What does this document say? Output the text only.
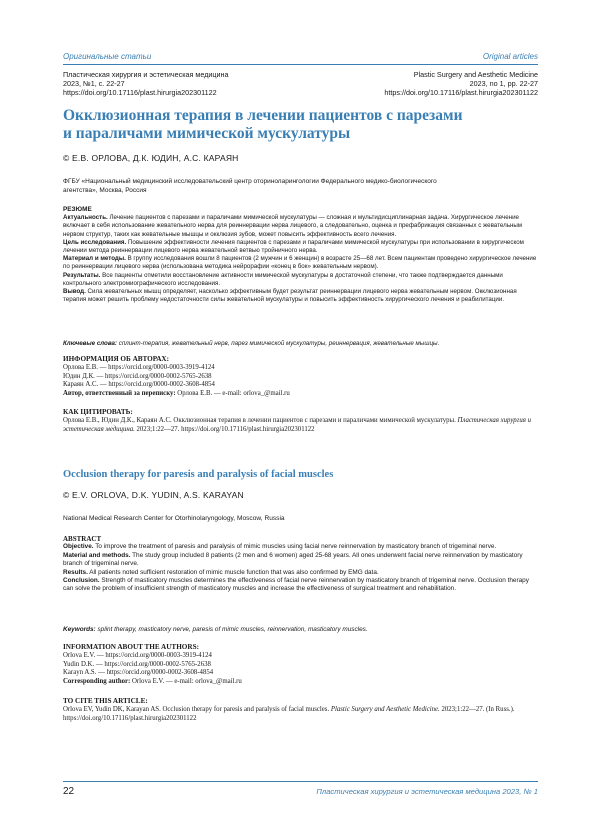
Оригинальные статьи	Original articles
Пластическая хирургия и эстетическая медицина
2023, №1, с. 22-27
https://doi.org/10.17116/plast.hirurgia202301122
Plastic Surgery and Aesthetic Medicine
2023, no 1, pp. 22-27
https://doi.org/10.17116/plast.hirurgia202301122
Окклюзионная терапия в лечении пациентов с парезами
и параличами мимической мускулатуры
© Е.В. ОРЛОВА, Д.К. ЮДИН, А.С. КАРАЯН
ФГБУ «Национальный медицинский исследовательский центр оториноларингологии Федерального медико-биологического
агентства», Москва, Россия
РЕЗЮМЕ

Актуальность. Лечение пациентов с парезами и параличами мимической мускулатуры — сложная и мультидисциплинарная задача. Хирургическое лечение включает в себя использование жевательного нерва для реиннервации нерва лицевого, а следовательно, оценка и префабрикация связанных с жевательным нервом структур, таких как жевательные мышцы и окклюзия зубов, может повысить эффективность всего лечения.

Цель исследования. Повышение эффективности лечения пациентов с парезами и параличами мимической мускулатуры при использовании в хирургическом лечении метода реиннервации лицевого нерва жевательной ветвью тройничного нерва.

Материал и методы. В группу исследования вошли 8 пациентов (2 мужчин и 6 женщин) в возрасте 25—68 лет. Всем пациентам проведено хирургическое лечение по реиннервации лицевого нерва (использована методика нейрорафии «конец в бок» жевательным нервом).

Результаты. Все пациенты отметили восстановление активности мимической мускулатуры в достаточной степени, что также подтверждается данными контрольного электромиографического исследования.

Вывод. Сила жевательных мышц определяет, насколько эффективным будет результат реиннервации лицевого нерва жевательным нервом. Окклюзионная терапия может решить проблему недостаточности силы жевательной мускулатуры и повысить эффективность хирургического лечения и реабилитации.

Ключевые слова: сплинт-терапия, жевательный нерв, парез мимической мускулатуры, реиннервация, жевательные мышцы.
ИНФОРМАЦИЯ ОБ АВТОРАХ:
Орлова Е.В. — https://orcid.org/0000-0003-3919-4124
Юдин Д.К. — https://orcid.org/0000-0002-5765-2638
Караян А.С. — https://orcid.org/0000-0002-3608-4854
Автор, ответственный за переписку: Орлова Е.В. — e-mail: orlova_@mail.ru
КАК ЦИТИРОВАТЬ:

Орлова Е.В., Юдин Д.К., Караян А.С. Окклюзионная терапия в лечении пациентов с парезами и параличами мимической мускулатуры. Пластическая хирургия и эстетическая медицина. 2023;1:22—27. https://doi.org/10.17116/plast.hirurgia202301122

Occlusion therapy for paresis and paralysis of facial muscles
© E.V. ORLOVA, D.K. YUDIN, A.S. KARAYAN
National Medical Research Center for Otorhinolaryngology, Moscow, Russia
ABSTRACT

Objective. To improve the treatment of paresis and paralysis of mimic muscles using facial nerve reinnervation by masticatory branch of trigeminal nerve.

Material and methods. The study group included 8 patients (2 men and 6 women) aged 25-68 years. All ones underwent facial nerve reinnervation by masticatory branch of trigeminal nerve.

Results. All patients noted sufficient restoration of mimic muscle function that was also confirmed by EMG data.

Conclusion. Strength of masticatory muscles determines the effectiveness of facial nerve reinnervation by masticatory branch of trigeminal nerve. Occlusion therapy can solve the problem of insufficient strength of masticatory muscles and increase the effectiveness of surgical treatment and rehabilitation.

Keywords: splint therapy, masticatory nerve, paresis of mimic muscles, reinnervation, masticatory muscles.
INFORMATION ABOUT THE AUTHORS:
Orlova E.V. — https://orcid.org/0000-0003-3919-4124
Yudin D.K. — https://orcid.org/0000-0002-5765-2638
Karayn A.S. — https://orcid.org/0000-0002-3608-4854
Corresponding author: Orlova E.V. — e-mail: orlova_@mail.ru
TO CITE THIS ARTICLE:

Orlova EV, Yudin DK, Karayan AS. Occlusion therapy for paresis and paralysis of facial muscles. Plastic Surgery and Aesthetic Medicine. 2023;1:22—27. (In Russ.). https://doi.org/10.17116/plast.hirurgia202301122

22	Пластическая хирургия и эстетическая медицина 2023, № 1
